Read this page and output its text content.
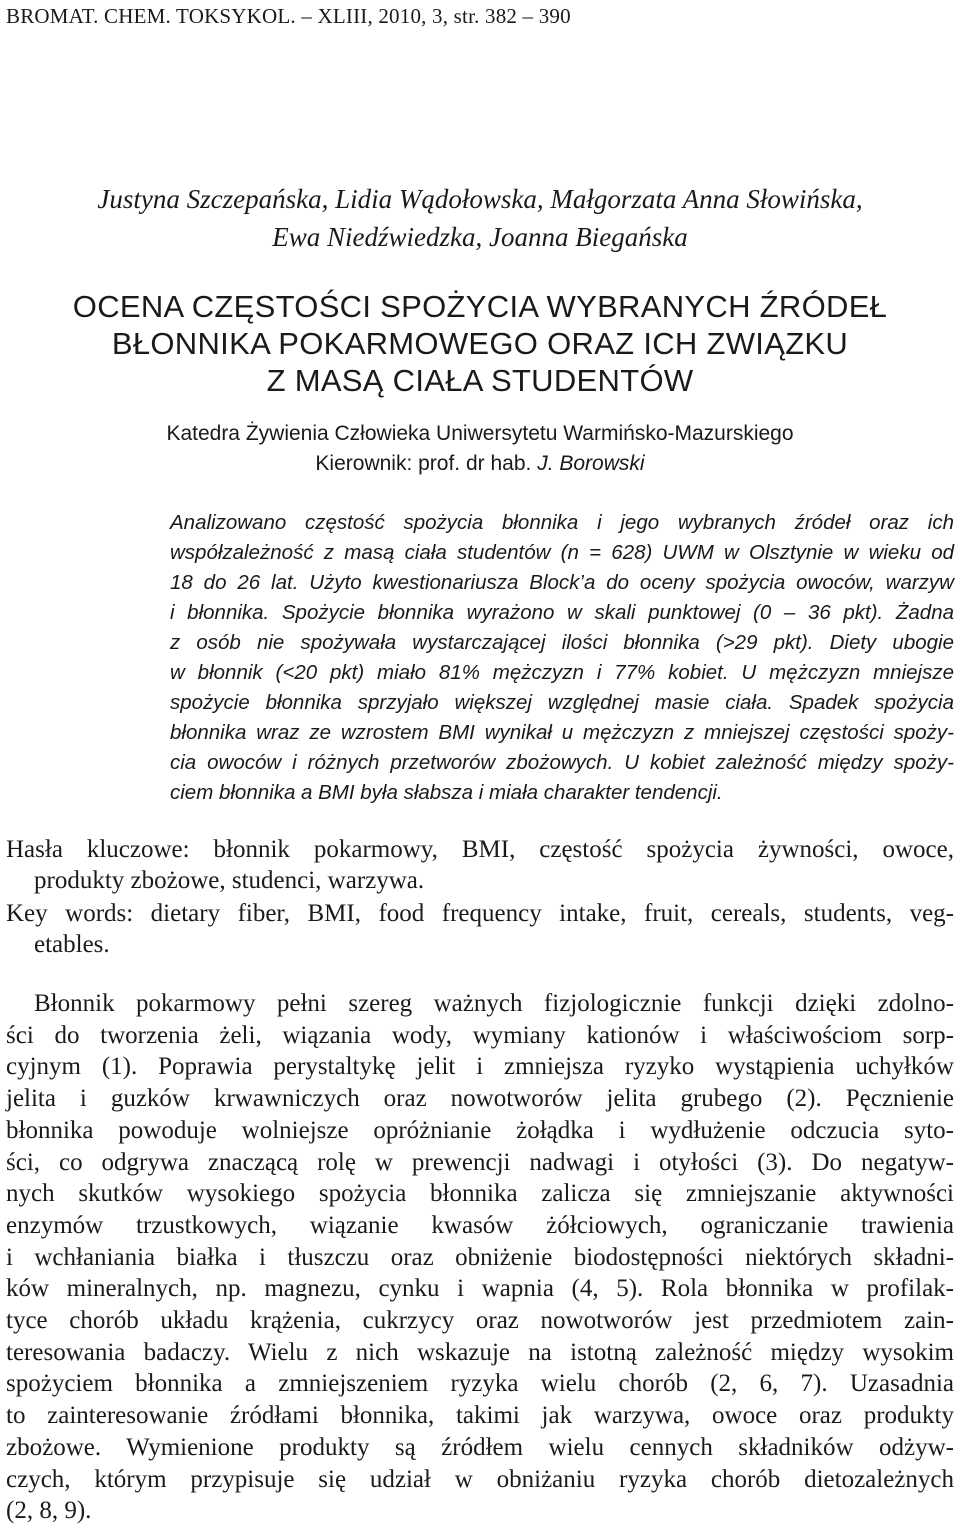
BROMAT. CHEM. TOKSYKOL. – XLIII, 2010, 3, str. 382 – 390
Justyna Szczepańska, Lidia Wądołowska, Małgorzata Anna Słowińska,
Ewa Niedźwiedzka, Joanna Biegańska
OCENA CZĘSTOŚCI SPOŻYCIA WYBRANYCH ŹRÓDEŁ
BŁONNIKA POKARMOWEGO ORAZ ICH ZWIĄZKU
Z MASĄ CIAŁA STUDENTÓW
Katedra Żywienia Człowieka Uniwersytetu Warmińsko-Mazurskiego
Kierownik: prof. dr hab. J. Borowski
Analizowano częstość spożycia błonnika i jego wybranych źródeł oraz ich
współzależność z masą ciała studentów (n = 628) UWM w Olsztynie w wieku od
18 do 26 lat. Użyto kwestionariusza Block’a do oceny spożycia owoców, warzyw
i błonnika. Spożycie błonnika wyrażono w skali punktowej (0 – 36 pkt). Żadna
z osób nie spożywała wystarczającej ilości błonnika (>29 pkt). Diety ubogie
w błonnik (<20 pkt) miało 81% mężczyzn i 77% kobiet. U mężczyzn mniejsze
spożycie błonnika sprzyjało większej względnej masie ciała. Spadek spożycia
błonnika wraz ze wzrostem BMI wynikał u mężczyzn z mniejszej częstości spoży-
cia owoców i różnych przetworów zbożowych. U kobiet zależność między spoży-
ciem błonnika a BMI była słabsza i miała charakter tendencji.
Hasła kluczowe: błonnik pokarmowy, BMI, częstość spożycia żywności, owoce,
produkty zbożowe, studenci, warzywa.
Key words: dietary fiber, BMI, food frequency intake, fruit, cereals, students, veg-
etables.
Błonnik pokarmowy pełni szereg ważnych fizjologicznie funkcji dzięki zdolno-
ści do tworzenia żeli, wiązania wody, wymiany kationów i właściwościom sorp-
cyjnym (1). Poprawia perystaltykę jelit i zmniejsza ryzyko wystąpienia uchyłków
jelita i guzków krwawniczych oraz nowotworów jelita grubego (2). Pęcznienie
błonnika powoduje wolniejsze opróżnianie żołądka i wydłużenie odczucia syto-
ści, co odgrywa znaczącą rolę w prewencji nadwagi i otyłości (3). Do negatyw-
nych skutków wysokiego spożycia błonnika zalicza się zmniejszanie aktywności
enzymów trzustkowych, wiązanie kwasów żółciowych, ograniczanie trawienia
i wchłaniania białka i tłuszczu oraz obniżenie biodostępności niektórych składni-
ków mineralnych, np. magnezu, cynku i wapnia (4, 5). Rola błonnika w profilak-
tyce chorób układu krążenia, cukrzycy oraz nowotworów jest przedmiotem zain-
teresowania badaczy. Wielu z nich wskazuje na istotną zależność między wysokim
spożyciem błonnika a zmniejszeniem ryzyka wielu chorób (2, 6, 7). Uzasadnia
to zainteresowanie źródłami błonnika, takimi jak warzywa, owoce oraz produkty
zbożowe. Wymienione produkty są źródłem wielu cennych składników odżyw-
czych, którym przypisuje się udział w obniżaniu ryzyka chorób dietozależnych
(2, 8, 9).
